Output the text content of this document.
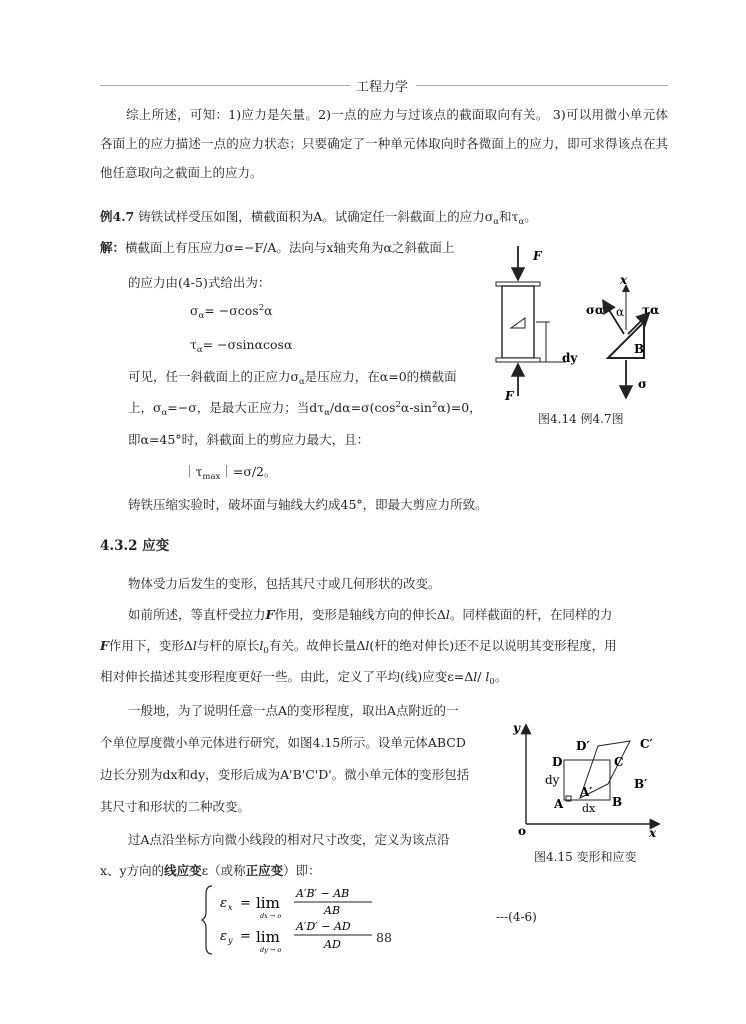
工程力学
综上所述，可知：1)应力是矢量。2)一点的应力与过该点的截面取向有关。 3)可以用微小单元体各面上的应力描述一点的应力状态；只要确定了一种单元体取向时各微面上的应力，即可求得该点在其他任意取向之截面上的应力。
例4.7 铸铁试样受压如图，横截面积为A。试确定任一斜截面上的应力$\sigma_\alpha$和$\tau_\alpha$。
解：横截面上有压应力σ=−F/A。法向与x轴夹角为α之斜截面上
的应力由(4-5)式给出为：
$\sigma_\alpha= -\sigma\cos^2\alpha$
$\tau_\alpha= -\sigma\sin\alpha\cos\alpha$
可见，任一斜截面上的正应力$\sigma_\alpha$是压应力，在α=0的横截面
上，$\sigma_\alpha=-\sigma$，是最大正应力；当$d\tau_\alpha/d\alpha=\sigma(\cos^2\alpha-\sin^2\alpha)=0$，
即α=45°时，斜截面上的剪应力最大，且：
$|\tau_{max}|=\sigma/2$。
铸铁压缩实验时，破坏面与轴线大约成45°，即最大剪应力所致。
F
F
dy
x
σα α τα
B
σ
图4.14 例4.7图
4.3.2 应变
物体受力后发生的变形，包括其尺寸或几何形状的改变。
如前所述，等直杆受拉力F作用，变形是轴线方向的伸长Δl。同样截面的杆，在同样的力
F作用下，变形Δl与杆的原长$l_0$有关。故伸长量Δl(杆的绝对伸长)还不足以说明其变形程度，用
相对伸长描述其变形程度更好一些。由此，定义了平均(线)应变ε=Δl/ $l_0$。
一般地，为了说明任意一点A的变形程度，取出A点附近的一
个单位厚度微小单元体进行研究，如图4.15所示。设单元体ABCD
边长分别为dx和dy，变形后成为A'B'C'D'。微小单元体的变形包括
其尺寸和形状的二种改变。
过A点沿坐标方向微小线段的相对尺寸改变，定义为该点沿
x、y方向的线应变ε（或称正应变）即：
y
x
o
D′	C′
D	C
dy	B′
A′
A	B
dx
图4.15 变形和应变
ε x = lim
dx → o
A′B′ − AB
AB
ε y = lim
dy → o
A′D′ − AD
AD	88
---(4-6)
